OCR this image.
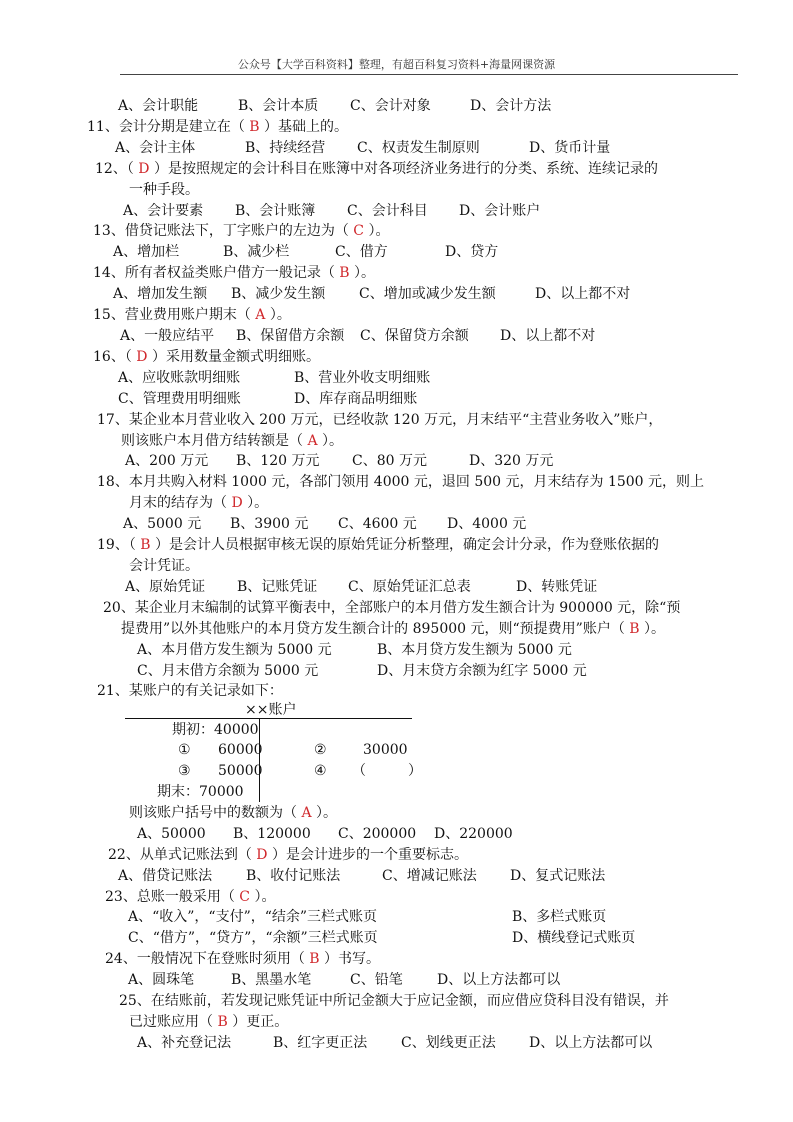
公众号【大学百科资料】整理，有超百科复习资料+海量网课资源
A、会计职能	B、会计本质 C、会计对象	D、会计方法
11、会计分期是建立在（ B ）基础上的。
A、会计主体	B、持续经营 C、权责发生制原则	D、货币计量
12、（ D ）是按照规定的会计科目在账簿中对各项经济业务进行的分类、系统、连续记录的
一种手段。
A、会计要素 B、会计账簿 C、会计科目 D、会计账户
13、借贷记账法下，丁字账户的左边为（ C ）。
A、增加栏	B、减少栏	C、借方	D、贷方
14、所有者权益类账户借方一般记录（ B ）。
A、增加发生额 B、减少发生额 C、增加或减少发生额	D、以上都不对
15、营业费用账户期末（ A ）。
A、一般应结平 B、保留借方余额 C、保留贷方余额 D、以上都不对
16、（ D ）采用数量金额式明细账。
A、应收账款明细账	B、营业外收支明细账
C、管理费用明细账	D、库存商品明细账
17、某企业本月营业收入 200 万元，已经收款 120 万元，月末结平“主营业务收入”账户，
则该账户本月借方结转额是（ A ）。
A、200 万元 B、120 万元 C、80 万元	D、320 万元
18、本月共购入材料 1000 元，各部门领用 4000 元，退回 500 元，月末结存为 1500 元，则上
月末的结存为（ D ）。
A、5000 元 B、3900 元 C、4600 元 D、4000 元
19、（ B ）是会计人员根据审核无误的原始凭证分析整理，确定会计分录，作为登账依据的
会计凭证。
A、原始凭证 B、记账凭证 C、原始凭证汇总表	D、转账凭证
20、某企业月末编制的试算平衡表中，全部账户的本月借方发生额合计为 900000 元，除“预
提费用”以外其他账户的本月贷方发生额合计的 895000 元，则“预提费用”账户（ B ）。
A、本月借方发生额为 5000 元	B、本月贷方发生额为 5000 元
C、月末借方余额为 5000 元	D、月末贷方余额为红字 5000 元
21、某账户的有关记录如下：
××账户
期初：40000
① 60000	②	30000
③ 50000	④ （　　　）
期末：70000
则该账户括号中的数额为（ A ）。
A、50000 B、120000 C、200000 D、220000
22、从单式记账法到（ D ）是会计进步的一个重要标志。
A、借贷记账法 B、收付记账法	C、增减记账法 D、复式记账法
23、总账一般采用（ C ）。
A、“收入”，“支付”，“结余”三栏式账页	B、多栏式账页
C、“借方”，“贷方”，“余额”三栏式账页	D、横线登记式账页
24、一般情况下在登账时须用（ B ）书写。
A、圆珠笔	B、黑墨水笔	C、铅笔 D、以上方法都可以
25、在结账前，若发现记账凭证中所记金额大于应记金额，而应借应贷科目没有错误，并
已过账应用（ B ）更正。
A、补充登记法	B、红字更正法 C、划线更正法 D、以上方法都可以
